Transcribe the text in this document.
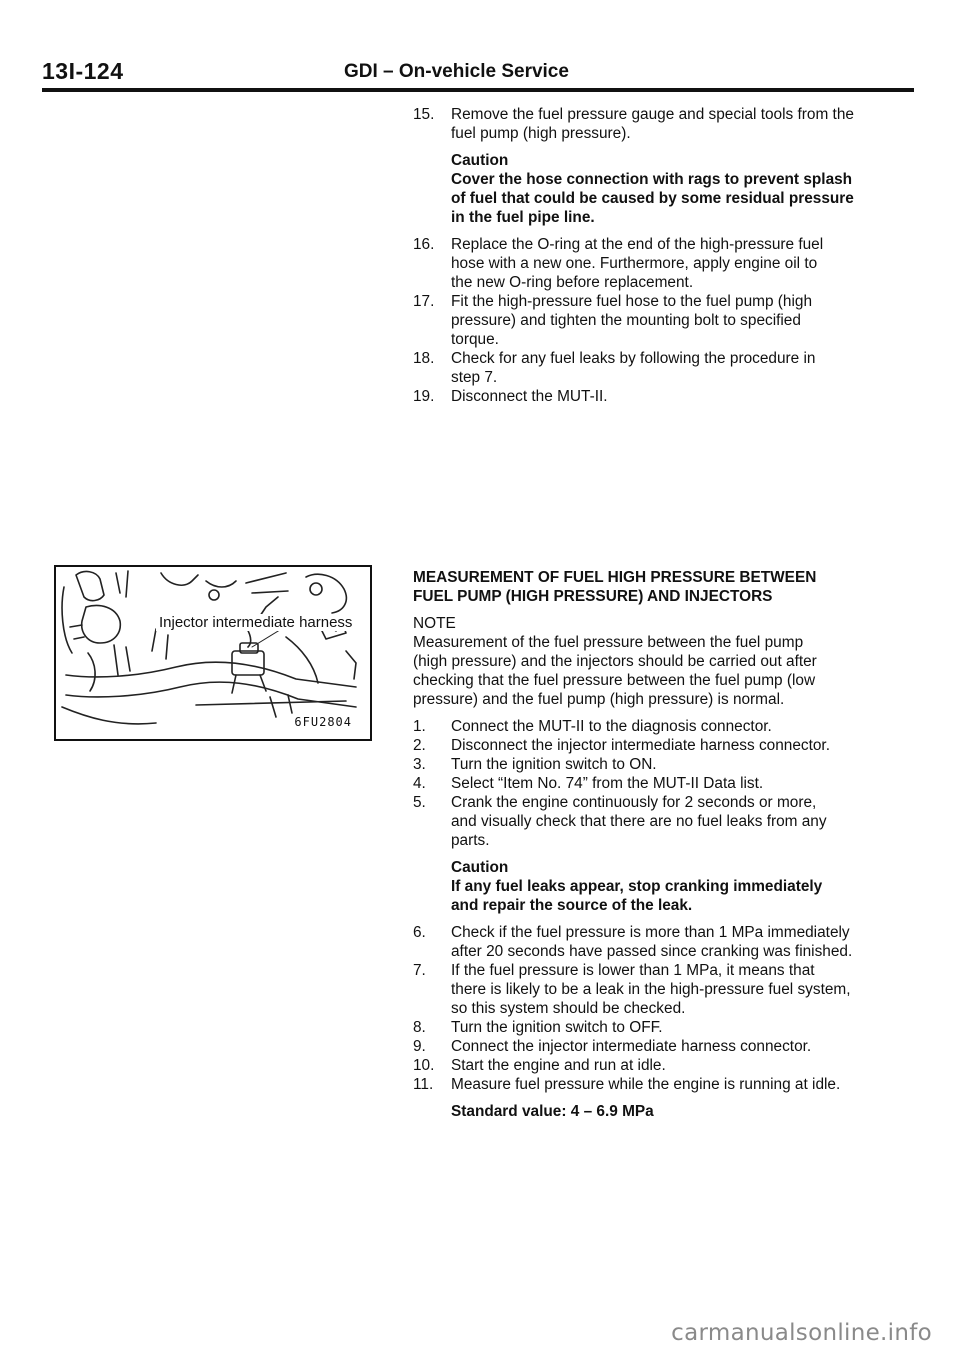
13I-124	GDI – On-vehicle Service
15. Remove the fuel pressure gauge and special tools from the
fuel pump (high pressure).
Caution
Cover the hose connection with rags to prevent splash
of fuel that could be caused by some residual pressure
in the fuel pipe line.
16. Replace the O-ring at the end of the high-pressure fuel
hose with a new one. Furthermore, apply engine oil to
the new O-ring before replacement.
17. Fit the high-pressure fuel hose to the fuel pump (high
pressure) and tighten the mounting bolt to specified
torque.
18. Check for any fuel leaks by following the procedure in
step 7.
19. Disconnect the MUT-II.
Injector intermediate harness
6FU2804
MEASUREMENT OF FUEL HIGH PRESSURE BETWEEN
FUEL PUMP (HIGH PRESSURE) AND INJECTORS
NOTE
Measurement of the fuel pressure between the fuel pump
(high pressure) and the injectors should be carried out after
checking that the fuel pressure between the fuel pump (low
pressure) and the fuel pump (high pressure) is normal.
1. Connect the MUT-II to the diagnosis connector.
2. Disconnect the injector intermediate harness connector.
3. Turn the ignition switch to ON.
4. Select “Item No. 74” from the MUT-II Data list.
5. Crank the engine continuously for 2 seconds or more,
and visually check that there are no fuel leaks from any
parts.
Caution
If any fuel leaks appear, stop cranking immediately
and repair the source of the leak.
6. Check if the fuel pressure is more than 1 MPa immediately
after 20 seconds have passed since cranking was finished.
7. If the fuel pressure is lower than 1 MPa, it means that
there is likely to be a leak in the high-pressure fuel system,
so this system should be checked.
8. Turn the ignition switch to OFF.
9. Connect the injector intermediate harness connector.
10. Start the engine and run at idle.
11. Measure fuel pressure while the engine is running at idle.
Standard value: 4 – 6.9 MPa
carmanualsonline.info
